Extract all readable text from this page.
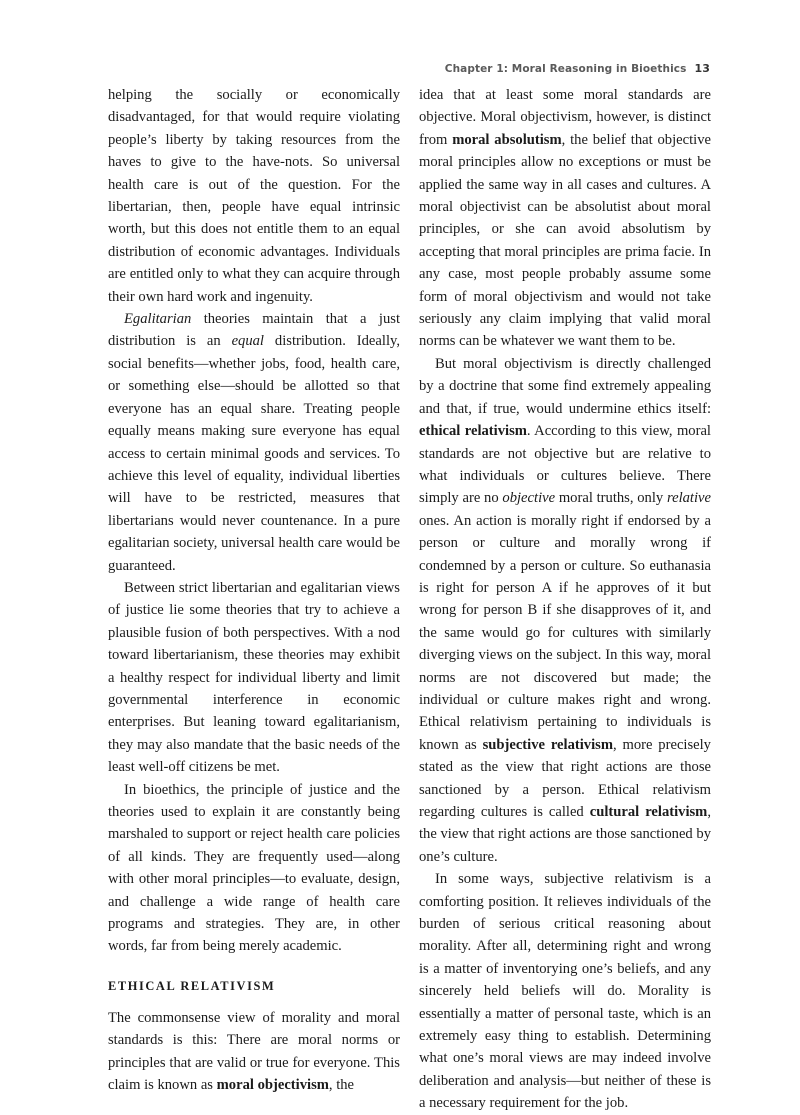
Chapter 1: Moral Reasoning in Bioethics 13

helping the socially or economically disadvantaged, for that would require violating people’s liberty by taking resources from the haves to give to the have-nots. So universal health care is out of the question. For the libertarian, then, people have equal intrinsic worth, but this does not entitle them to an equal distribution of economic advantages. Individuals are entitled only to what they can acquire through their own hard work and ingenuity.

Egalitarian theories maintain that a just distribution is an equal distribution. Ideally, social benefits—whether jobs, food, health care, or something else—should be allotted so that everyone has an equal share. Treating people equally means making sure everyone has equal access to certain minimal goods and services. To achieve this level of equality, individual liberties will have to be restricted, measures that libertarians would never countenance. In a pure egalitarian society, universal health care would be guaranteed.

Between strict libertarian and egalitarian views of justice lie some theories that try to achieve a plausible fusion of both perspectives. With a nod toward libertarianism, these theories may exhibit a healthy respect for individual liberty and limit governmental interference in economic enterprises. But leaning toward egalitarianism, they may also mandate that the basic needs of the least well-off citizens be met.

In bioethics, the principle of justice and the theories used to explain it are constantly being marshaled to support or reject health care policies of all kinds. They are frequently used—along with other moral principles—to evaluate, design, and challenge a wide range of health care programs and strategies. They are, in other words, far from being merely academic.

ETHICAL RELATIVISM

The commonsense view of morality and moral standards is this: There are moral norms or principles that are valid or true for everyone. This claim is known as moral objectivism, the

idea that at least some moral standards are objective. Moral objectivism, however, is distinct from moral absolutism, the belief that objective moral principles allow no exceptions or must be applied the same way in all cases and cultures. A moral objectivist can be absolutist about moral principles, or she can avoid absolutism by accepting that moral principles are prima facie. In any case, most people probably assume some form of moral objectivism and would not take seriously any claim implying that valid moral norms can be whatever we want them to be.

But moral objectivism is directly challenged by a doctrine that some find extremely appealing and that, if true, would undermine ethics itself: ethical relativism. According to this view, moral standards are not objective but are relative to what individuals or cultures believe. There simply are no objective moral truths, only relative ones. An action is morally right if endorsed by a person or culture and morally wrong if condemned by a person or culture. So euthanasia is right for person A if he approves of it but wrong for person B if she disapproves of it, and the same would go for cultures with similarly diverging views on the subject. In this way, moral norms are not discovered but made; the individual or culture makes right and wrong. Ethical relativism pertaining to individuals is known as subjective relativism, more precisely stated as the view that right actions are those sanctioned by a person. Ethical relativism regarding cultures is called cultural relativism, the view that right actions are those sanctioned by one’s culture.

In some ways, subjective relativism is a comforting position. It relieves individuals of the burden of serious critical reasoning about morality. After all, determining right and wrong is a matter of inventorying one’s beliefs, and any sincerely held beliefs will do. Morality is essentially a matter of personal taste, which is an extremely easy thing to establish. Determining what one’s moral views are may indeed involve deliberation and analysis—but neither of these is a necessary requirement for the job.
